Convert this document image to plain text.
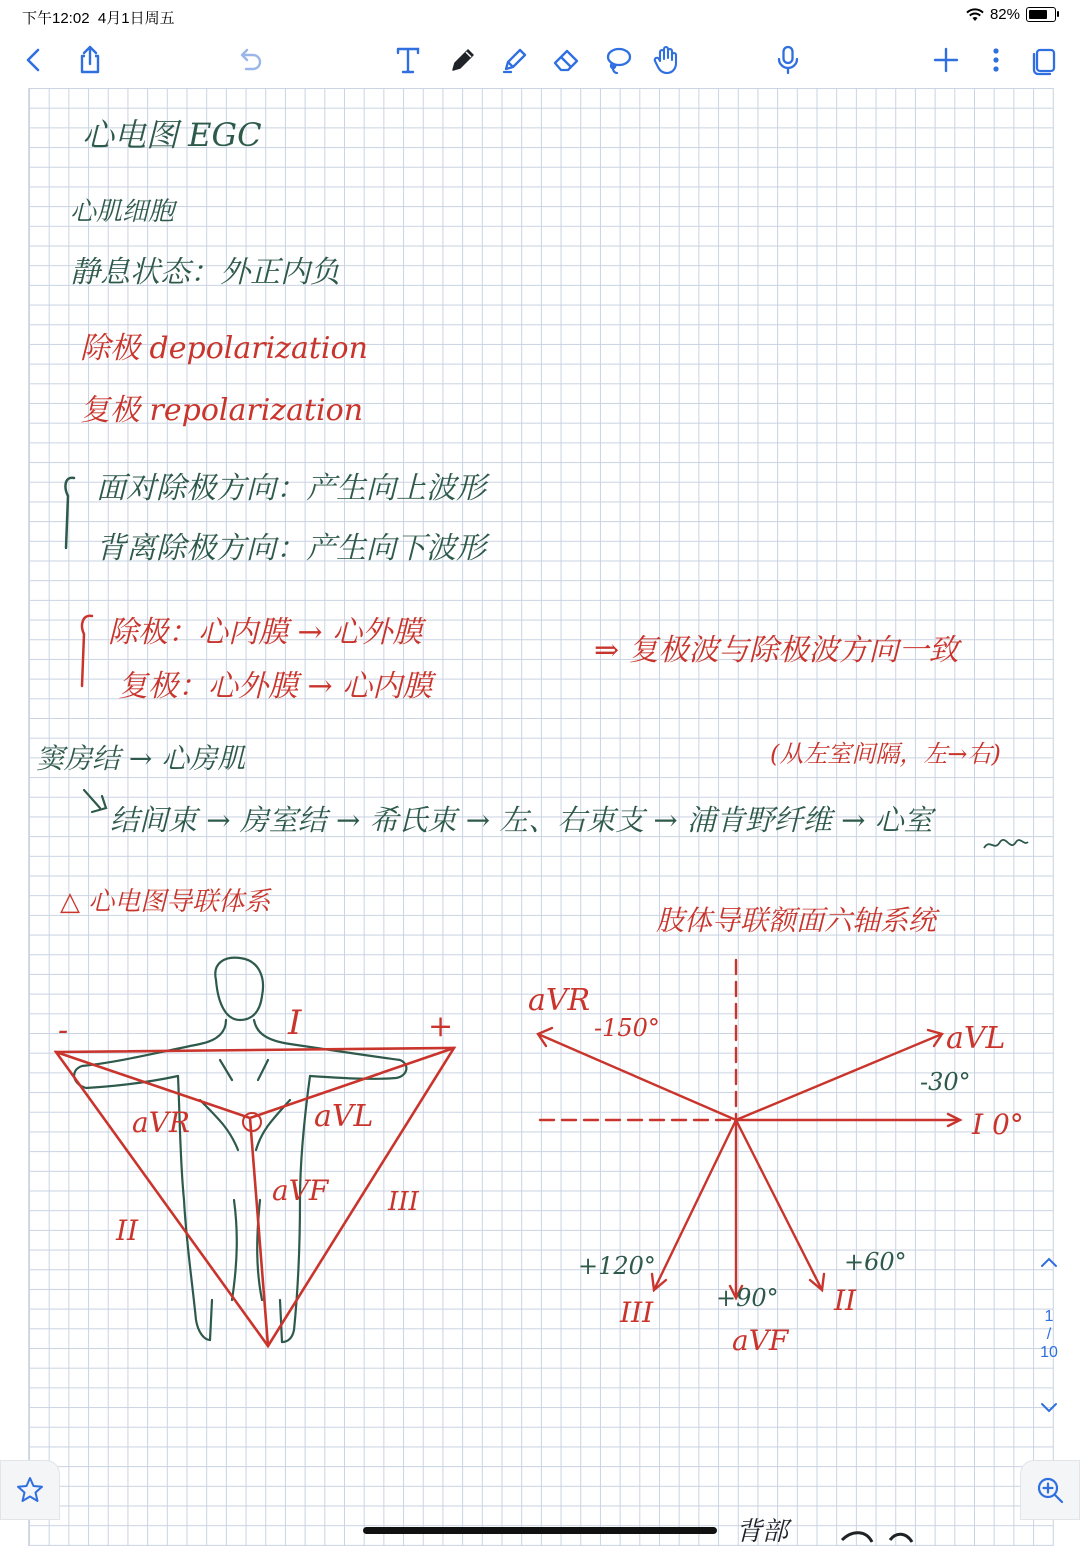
下午12:02 4月1日周五	82%
心电图 EGC
心肌细胞
静息状态：外正内负
除极 depolarization
复极 repolarization
面对除极方向：产生向上波形
背离除极方向：产生向下波形
除极：心内膜 → 心外膜
复极：心外膜 → 心内膜
⇒ 复极波与除极波方向一致
窦房结 → 心房肌	(从左室间隔，左→右)
结间束 → 房室结 → 希氏束 → 左、右束支 → 浦肯野纤维 → 心室
△ 心电图导联体系
肢体导联额面六轴系统
-	+
I
II
III
aVR	aVL
aVF
aVR
-150°	aVL
-30°
I 0°
+120°
III	+90°
aVF
+60°
II
背部
1
/
10
